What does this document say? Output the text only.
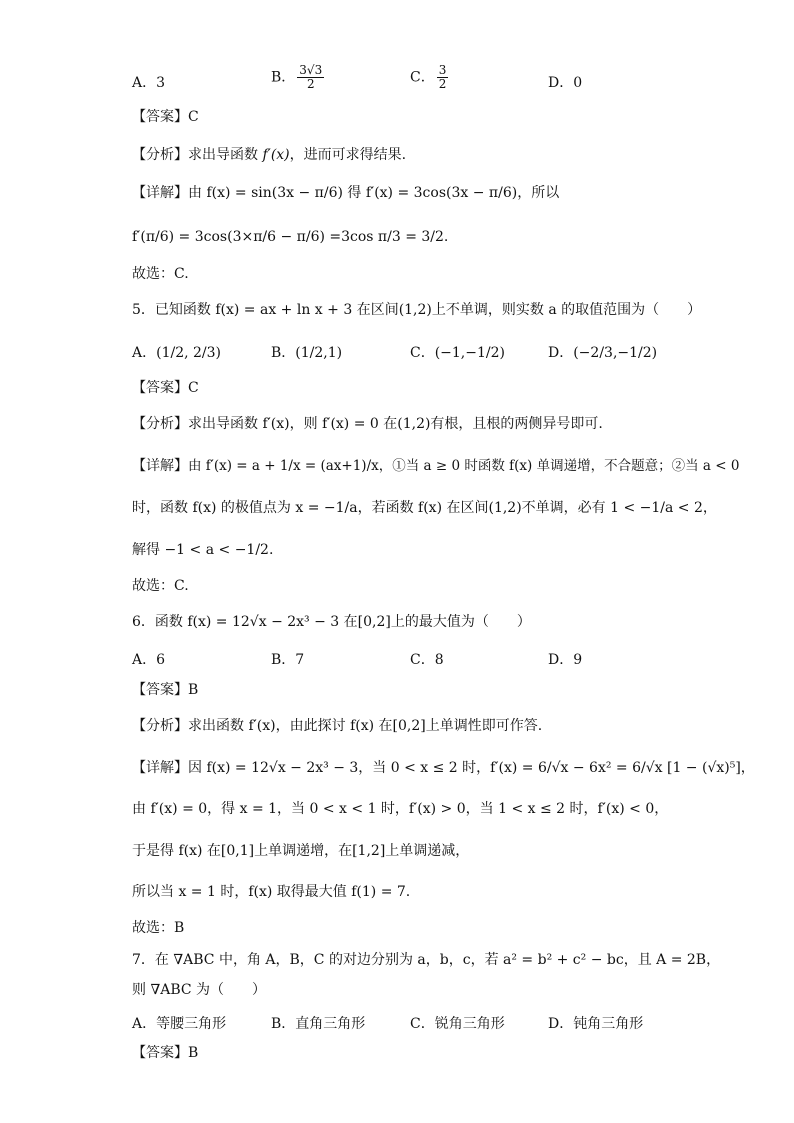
A．3	B． $\frac{3√3}{2}$	C． $\frac{3}{2}$	D．0
【答案】C
【分析】求出导函数 f′(x)，进而可求得结果.
【详解】由 f(x) = sin(3x − π/6) 得 f′(x) = 3cos(3x − π/6)，所以
f′(π/6) = 3cos(3×π/6 − π/6) =3cos π/3 = 3/2.
故选：C.
5．已知函数 f(x) = ax + ln x + 3 在区间(1,2)上不单调，则实数 a 的取值范围为（　　）
A．(1/2, 2/3)	B．(1/2,1)	C．(−1,−1/2)	D．(−2/3,−1/2)
【答案】C
【分析】求出导函数 f′(x)，则 f′(x) = 0 在(1,2)有根，且根的两侧异号即可.
【详解】由 f′(x) = a + 1/x = (ax+1)/x，①当 a ≥ 0 时函数 f(x) 单调递增，不合题意；②当 a < 0
时，函数 f(x) 的极值点为 x = −1/a，若函数 f(x) 在区间(1,2)不单调，必有 1 < −1/a < 2，
解得 −1 < a < −1/2.
故选：C.
6．函数 f(x) = 12√x − 2x³ − 3 在[0,2]上的最大值为（　　）
A．6	B．7	C．8	D．9
【答案】B
【分析】求出函数 f′(x)，由此探讨 f(x) 在[0,2]上单调性即可作答.
【详解】因 f(x) = 12√x − 2x³ − 3，当 0 < x ≤ 2 时，f′(x) = 6/√x − 6x² = 6/√x [1 − (√x)⁵]，
由 f′(x) = 0，得 x = 1，当 0 < x < 1 时，f′(x) > 0，当 1 < x ≤ 2 时，f′(x) < 0，
于是得 f(x) 在[0,1]上单调递增，在[1,2]上单调递减，
所以当 x = 1 时，f(x) 取得最大值 f(1) = 7.
故选：B
7．在 ∇ABC 中，角 A，B，C 的对边分别为 a，b，c，若 a² = b² + c² − bc，且 A = 2B，
则 ∇ABC 为（　　）
A．等腰三角形	B．直角三角形	C．锐角三角形	D．钝角三角形
【答案】B
